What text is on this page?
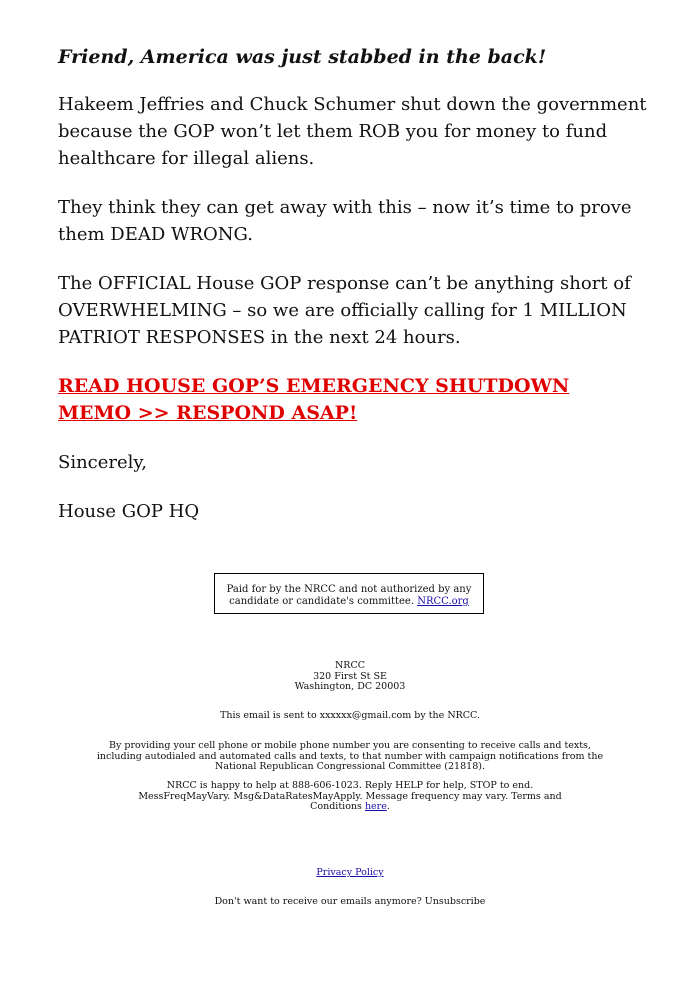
Friend, America was just stabbed in the back!

Hakeem Jeffries and Chuck Schumer shut down the government because the GOP won’t let them ROB you for money to fund healthcare for illegal aliens.

They think they can get away with this – now it’s time to prove them DEAD WRONG.

The OFFICIAL House GOP response can’t be anything short of OVERWHELMING – so we are officially calling for 1 MILLION PATRIOT RESPONSES in the next 24 hours.

READ HOUSE GOP’S EMERGENCY SHUTDOWN MEMO >> RESPOND ASAP!

Sincerely,

House GOP HQ

Paid for by the NRCC and not authorized by any candidate or candidate's committee. NRCC.org
NRCC
320 First St SE
Washington, DC 20003
This email is sent to xxxxxx@gmail.com by the NRCC.
By providing your cell phone or mobile phone number you are consenting to receive calls and texts, including autodialed and automated calls and texts, to that number with campaign notifications from the National Republican Congressional Committee (21818).
NRCC is happy to help at 888-606-1023. Reply HELP for help, STOP to end. MessFreqMayVary. Msg&DataRatesMayApply. Message frequency may vary. Terms and Conditions here.
Privacy Policy
Don't want to receive our emails anymore? Unsubscribe
